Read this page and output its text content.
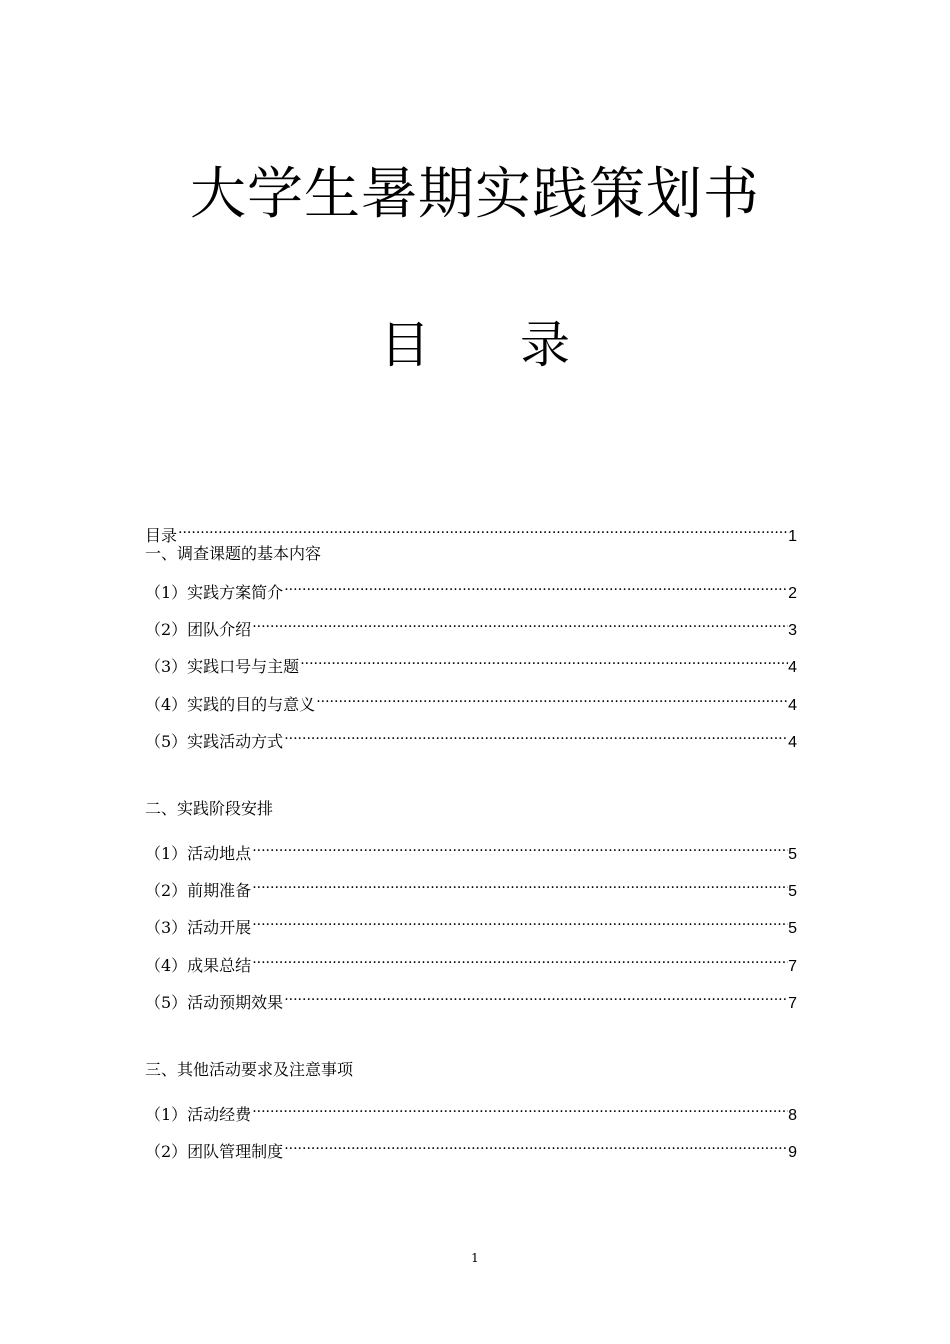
大学生暑期实践策划书
目 录
目录 .....	1
一、调查课题的基本内容
（1）实践方案简介 .....	2
（2）团队介绍 .....	3
（3）实践口号与主题 .....	4
（4）实践的目的与意义 .....	4
（5）实践活动方式 .....	4
二、实践阶段安排
（1）活动地点 .....	5
（2）前期准备 .....	5
（3）活动开展 .....	5
（4）成果总结 .....	7
（5）活动预期效果 .....	7
三、其他活动要求及注意事项
（1）活动经费 .....	8
（2）团队管理制度 .....	9
1
